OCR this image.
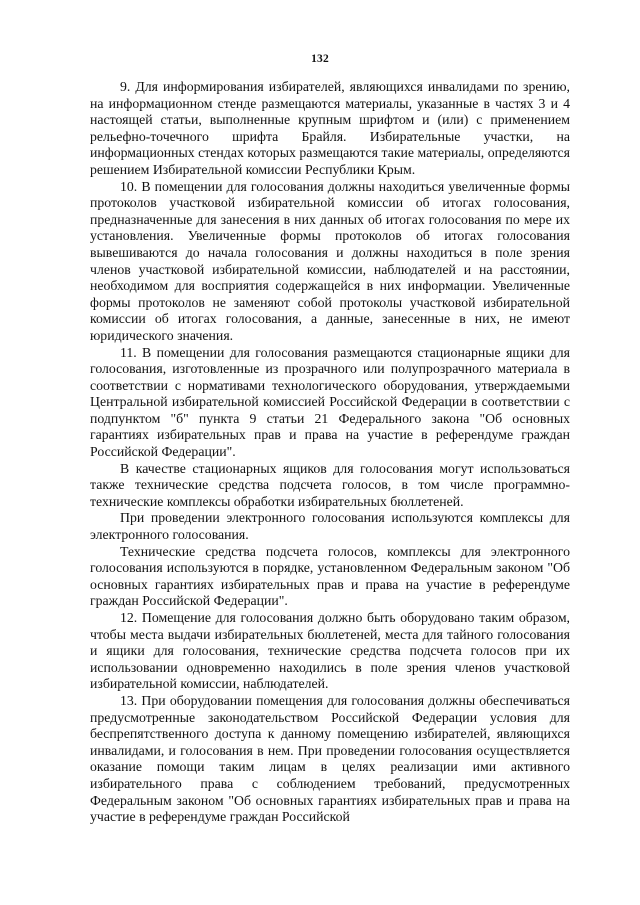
132

9. Для информирования избирателей, являющихся инвалидами по зрению, на информационном стенде размещаются материалы, указанные в частях 3 и 4 настоящей статьи, выполненные крупным шрифтом и (или) с применением рельефно-точечного шрифта Брайля. Избирательные участки, на информационных стендах которых размещаются такие материалы, определяются решением Избирательной комиссии Республики Крым.

10. В помещении для голосования должны находиться увеличенные формы протоколов участковой избирательной комиссии об итогах голосования, предназначенные для занесения в них данных об итогах голосования по мере их установления. Увеличенные формы протоколов об итогах голосования вывешиваются до начала голосования и должны находиться в поле зрения членов участковой избирательной комиссии, наблюдателей и на расстоянии, необходимом для восприятия содержащейся в них информации. Увеличенные формы протоколов не заменяют собой протоколы участковой избирательной комиссии об итогах голосования, а данные, занесенные в них, не имеют юридического значения.

11. В помещении для голосования размещаются стационарные ящики для голосования, изготовленные из прозрачного или полупрозрачного материала в соответствии с нормативами технологического оборудования, утверждаемыми Центральной избирательной комиссией Российской Федерации в соответствии с подпунктом "б" пункта 9 статьи 21 Федерального закона "Об основных гарантиях избирательных прав и права на участие в референдуме граждан Российской Федерации".

В качестве стационарных ящиков для голосования могут использоваться также технические средства подсчета голосов, в том числе программно-технические комплексы обработки избирательных бюллетеней.

При проведении электронного голосования используются комплексы для электронного голосования.

Технические средства подсчета голосов, комплексы для электронного голосования используются в порядке, установленном Федеральным законом "Об основных гарантиях избирательных прав и права на участие в референдуме граждан Российской Федерации".

12. Помещение для голосования должно быть оборудовано таким образом, чтобы места выдачи избирательных бюллетеней, места для тайного голосования и ящики для голосования, технические средства подсчета голосов при их использовании одновременно находились в поле зрения членов участковой избирательной комиссии, наблюдателей.

13. При оборудовании помещения для голосования должны обеспечиваться предусмотренные законодательством Российской Федерации условия для беспрепятственного доступа к данному помещению избирателей, являющихся инвалидами, и голосования в нем. При проведении голосования осуществляется оказание помощи таким лицам в целях реализации ими активного избирательного права с соблюдением требований, предусмотренных Федеральным законом "Об основных гарантиях избирательных прав и права на участие в референдуме граждан Российской
